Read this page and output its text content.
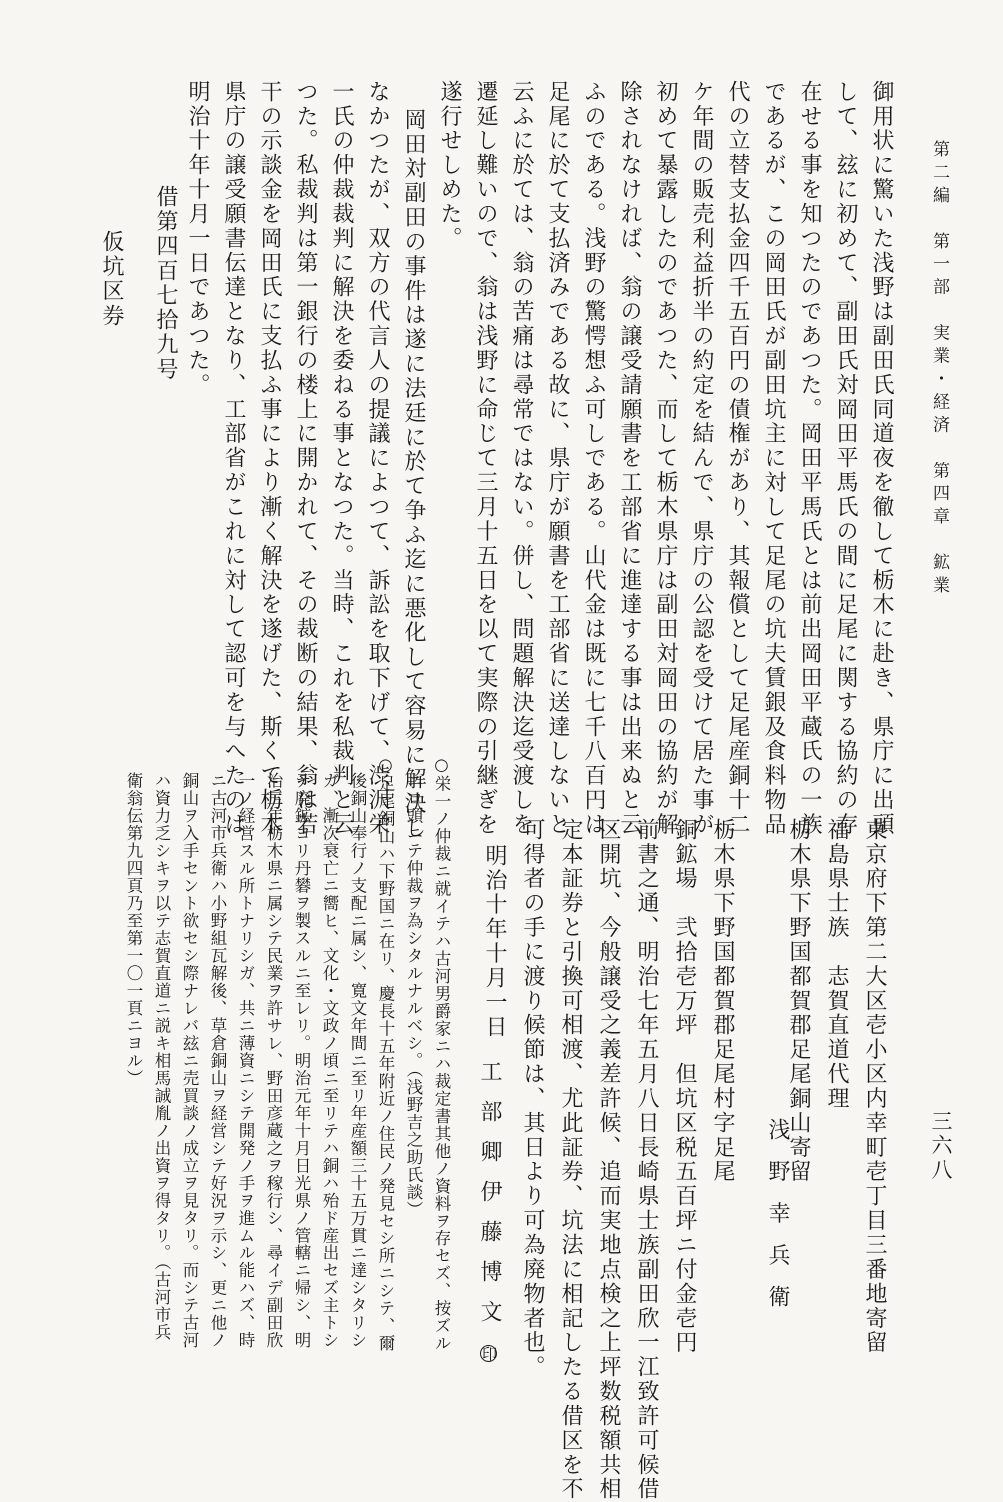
第二編　第一部　実業・経済　第四章　鉱業
三六八
御用状に驚いた浅野は副田氏同道夜を徹して栃木に赴き、県庁に出頭
して、玆に初めて、副田氏対岡田平馬氏の間に足尾に関する協約の存
在せる事を知つたのであつた。岡田平馬氏とは前出岡田平蔵氏の一族
であるが、この岡田氏が副田坑主に対して足尾の坑夫賃銀及食料物品
代の立替支払金四千五百円の債権があり、其報償として足尾産銅十二
ケ年間の販売利益折半の約定を結んで、県庁の公認を受けて居た事が
初めて暴露したのであつた、而して栃木県庁は副田対岡田の協約が解
除されなければ、翁の譲受請願書を工部省に進達する事は出来ぬと云
ふのである。浅野の驚愕想ふ可しである。山代金は既に七千八百円は
足尾に於て支払済みである故に、県庁が願書を工部省に送達しないと
云ふに於ては、翁の苦痛は尋常ではない。併し、問題解決迄受渡しを
遷延し難いので、翁は浅野に命じて三月十五日を以て実際の引継ぎを
遂行せしめた。
岡田対副田の事件は遂に法廷に於て争ふ迄に悪化して容易に解決し
なかつたが、双方の代言人の提議によつて、訴訟を取下げて、渋沢栄
一氏の仲裁裁判に解決を委ねる事となつた。当時、これを私裁判と云
つた。私裁判は第一銀行の楼上に開かれて、その裁断の結果、翁は若
干の示談金を岡田氏に支払ふ事により漸く解決を遂げた、斯くて栃木
県庁の譲受願書伝達となり、工部省がこれに対して認可を与へたのは
明治十年十月一日であつた。
借第四百七拾九号
仮坑区券
東京府下第二大区壱小区内幸町壱丁目三番地寄留
福島県士族　志賀直道代理
栃木県下野国都賀郡足尾銅山寄留

栃木県下野国都賀郡足尾村字足尾
銅鉱場　弐拾壱万坪　但坑区税五百坪ニ付金壱円
前書之通、明治七年五月八日長崎県士族副田欣一江致許可候借
区開坑、今般譲受之義差許候、追而実地点検之上坪数税額共相
定本証券と引換可相渡、尤此証券、坑法に相記したる借区を不
可得者の手に渡り候節は、其日より可為廃物者也。
明治十年十月一日
浅野幸兵衛
工部卿伊藤博文印
○栄一ノ仲裁ニ就イテハ古河男爵家ニハ裁定書其他ノ資料ヲ存セズ、按ズル
ニロ頭ニテ仲裁ヲ為シタルナルベシ。（浅野吉之助氏談）
○足尾銅山ハ下野国ニ在リ、慶長十五年附近ノ住民ノ発見セシ所ニシテ、爾
後銅山奉行ノ支配ニ属シ、寛文年間ニ至リ年産額三十五万貫ニ達シタリシ
ガ、漸次衰亡ニ嚮ヒ、文化・文政ノ頃ニ至リテハ銅ハ殆ド産出セズ主トシ
テ廃鉱ヨリ丹礬ヲ製スルニ至レリ。明治元年十月日光県ノ管轄ニ帰シ、明
治三年栃木県ニ属シテ民業ヲ許サレ、野田彦蔵之ヲ稼行シ、尋イデ副田欣
一ノ経営スル所トナリシガ、共ニ薄資ニシテ開発ノ手ヲ進ムル能ハズ、時
ニ古河市兵衛ハ小野組瓦解後、草倉銅山ヲ経営シテ好況ヲ示シ、更ニ他ノ
銅山ヲ入手セント欲セシ際ナレバ玆ニ売買談ノ成立ヲ見タリ。而シテ古河
ハ資力乏シキヲ以テ志賀直道ニ説キ相馬誠胤ノ出資ヲ得タリ。（古河市兵
衛翁伝第九四頁乃至第一〇一頁ニヨル）
